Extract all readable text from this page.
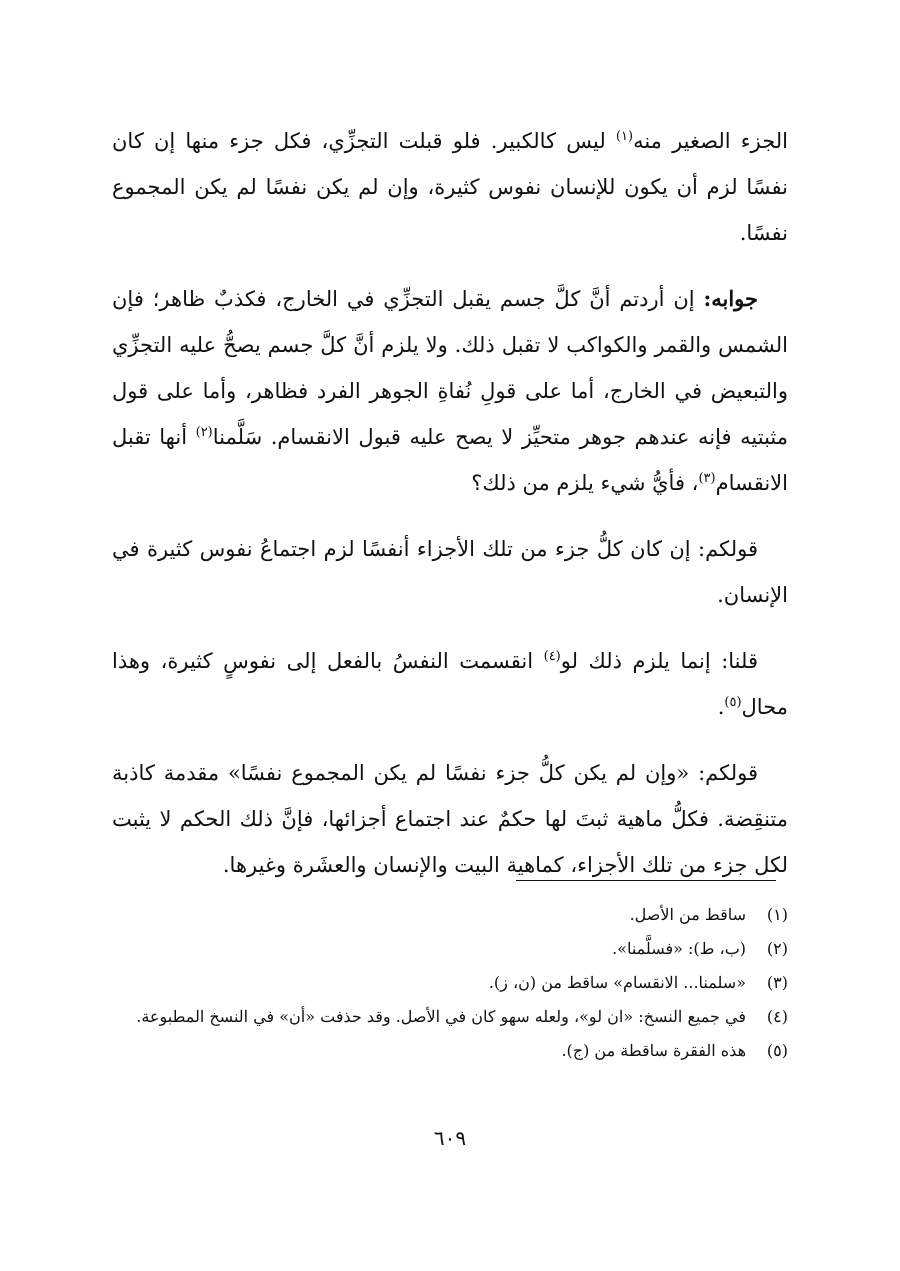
الجزء الصغير منه$^{(١)}$ ليس كالكبير. فلو قبلت التجزِّي، فكل جزء منها إن كان نفسًا لزم أن يكون للإنسان نفوس كثيرة، وإن لم يكن نفسًا لم يكن المجموع نفسًا.

جوابه: إن أردتم أنَّ كلَّ جسم يقبل التجزِّي في الخارج، فكذبٌ ظاهر؛ فإن الشمس والقمر والكواكب لا تقبل ذلك. ولا يلزم أنَّ كلَّ جسم يصحُّ عليه التجزِّي والتبعيض في الخارج، أما على قولِ نُفاةِ الجوهر الفرد فظاهر، وأما على قول مثبتيه فإنه عندهم جوهر متحيِّز لا يصح عليه قبول الانقسام. سَلَّمنا$^{(٢)}$ أنها تقبل الانقسام$^{(٣)}$، فأيُّ شيء يلزم من ذلك؟

قولكم: إن كان كلُّ جزء من تلك الأجزاء أنفسًا لزم اجتماعُ نفوس كثيرة في الإنسان.

قلنا: إنما يلزم ذلك لو$^{(٤)}$ انقسمت النفسُ بالفعل إلى نفوسٍ كثيرة، وهذا محال$^{(٥)}$.

قولكم: «وإن لم يكن كلُّ جزء نفسًا لم يكن المجموع نفسًا» مقدمة كاذبة متنقِضة. فكلُّ ماهية ثبتَ لها حكمٌ عند اجتماع أجزائها، فإنَّ ذلك الحكم لا يثبت لكل جزء من تلك الأجزاء، كماهية البيت والإنسان والعشَرة وغيرها.

(١)
ساقط من الأصل.
(٢)
(ب، ط): «فسلَّمنا».
(٣)
«سلمنا... الانقسام» ساقط من (ن، ز).
(٤)
في جميع النسخ: «ان لو»، ولعله سهو كان في الأصل. وقد حذفت «أن» في النسخ المطبوعة.
(٥)
هذه الفقرة ساقطة من (ج).
٦٠٩
